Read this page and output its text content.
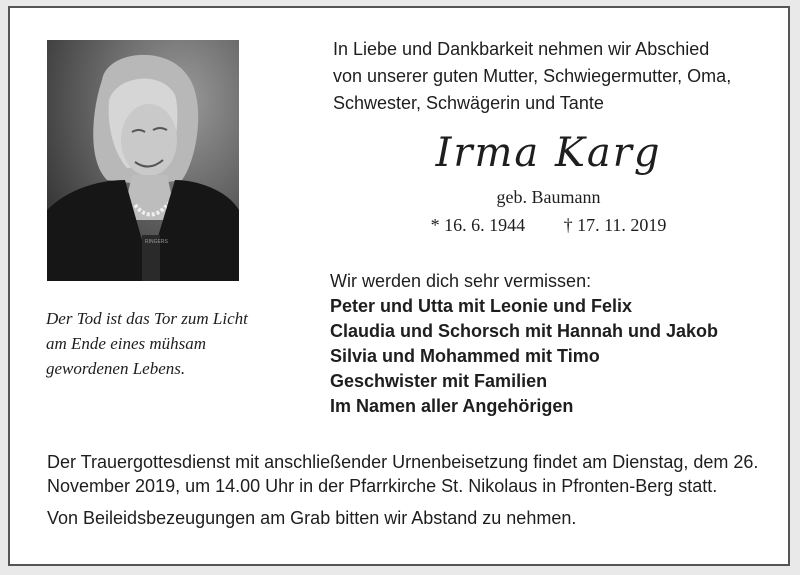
RINGERS
Der Tod ist das Tor zum Licht
am Ende eines mühsam
gewordenen Lebens.
In Liebe und Dankbarkeit nehmen wir Abschied
von unserer guten Mutter, Schwiegermutter, Oma,
Schwester, Schwägerin und Tante
Irma Karg
geb. Baumann
* 16. 6. 1944 † 17. 11. 2019
Wir werden dich sehr vermissen:
Peter und Utta mit Leonie und Felix
Claudia und Schorsch mit Hannah und Jakob
Silvia und Mohammed mit Timo
Geschwister mit Familien
Im Namen aller Angehörigen

Der Trauergottesdienst mit anschließender Urnenbeisetzung findet am Dienstag, dem 26. November 2019, um 14.00 Uhr in der Pfarrkirche St. Nikolaus in Pfronten-Berg statt.

Von Beileidsbezeugungen am Grab bitten wir Abstand zu nehmen.
